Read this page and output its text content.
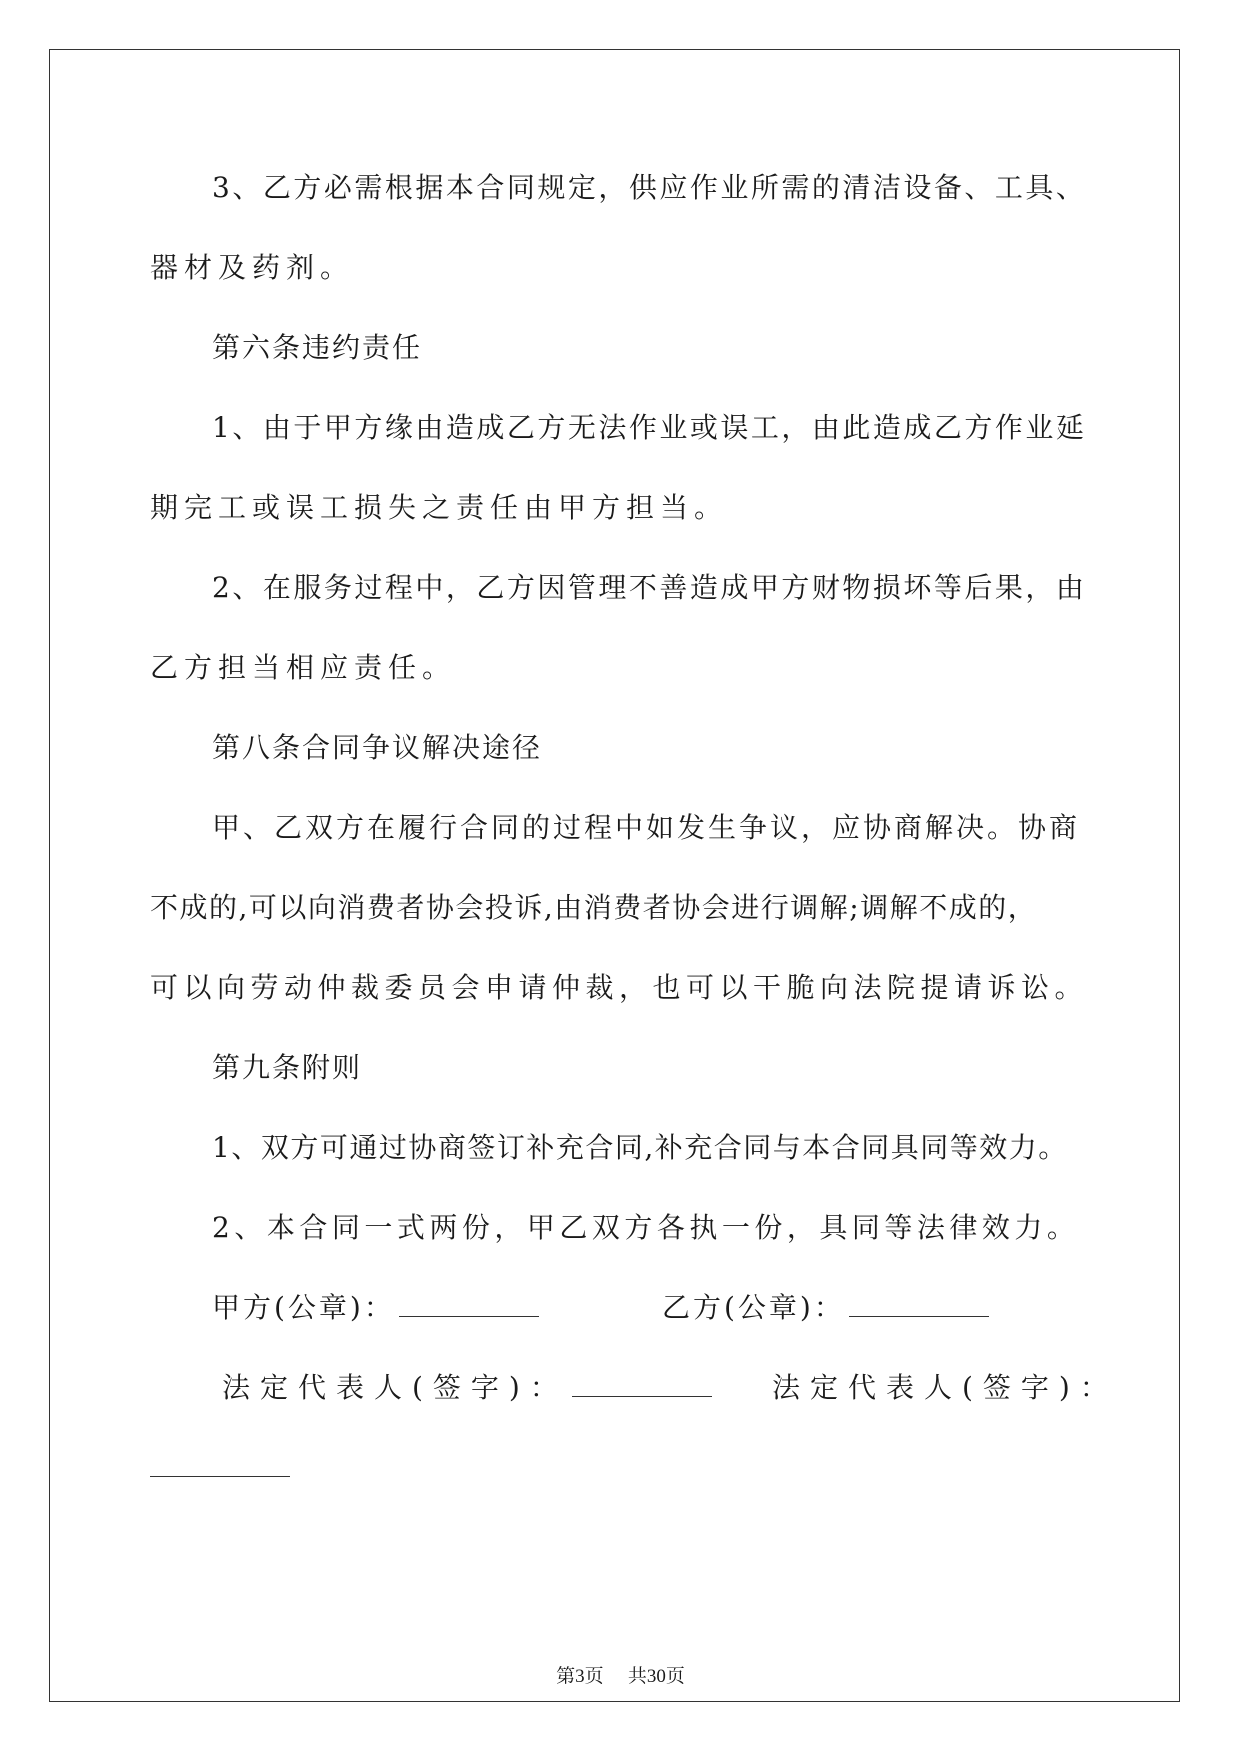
3、乙方必需根据本合同规定，供应作业所需的清洁设备、工具、
器材及药剂。
第六条违约责任
1、由于甲方缘由造成乙方无法作业或误工，由此造成乙方作业延
期完工或误工损失之责任由甲方担当。
2、在服务过程中，乙方因管理不善造成甲方财物损坏等后果，由
乙方担当相应责任。
第八条合同争议解决途径
甲、乙双方在履行合同的过程中如发生争议，应协商解决。协商
不成的,可以向消费者协会投诉,由消费者协会进行调解;调解不成的，
可以向劳动仲裁委员会申请仲裁，也可以干脆向法院提请诉讼。
第九条附则
1、双方可通过协商签订补充合同,补充合同与本合同具同等效力。
2、本合同一式两份，甲乙双方各执一份，具同等法律效力。
甲方(公章)：	乙方(公章)：
法定代表人(签字)：	法定代表人(签字)：
第3页 共30页
